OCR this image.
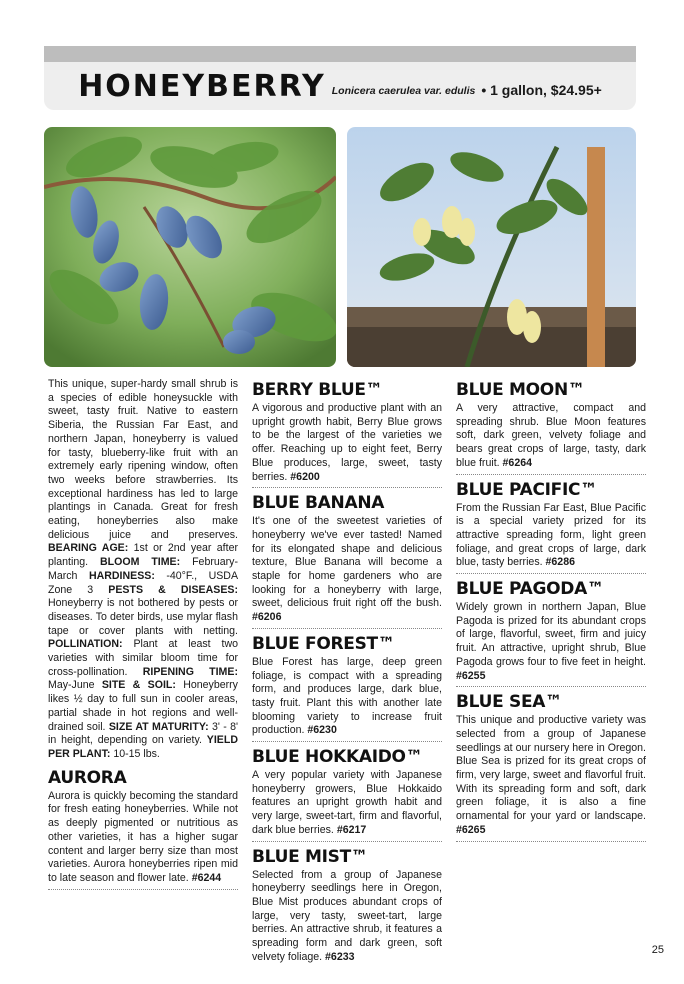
HONEYBERRY Lonicera caerulea var. edulis • 1 gallon, $24.95+

This unique, super-hardy small shrub is a species of edible honeysuckle with sweet, tasty fruit. Native to eastern Siberia, the Russian Far East, and northern Japan, honeyberry is valued for tasty, blueberry-like fruit with an extremely early ripening window, often two weeks before strawberries. Its exceptional hardiness has led to large plantings in Canada. Great for fresh eating, honeyberries also make delicious juice and preserves. BEARING AGE: 1st or 2nd year after planting. BLOOM TIME: February-March HARDINESS: -40°F., USDA Zone 3 PESTS & DISEASES: Honeyberry is not bothered by pests or diseases. To deter birds, use mylar flash tape or cover plants with netting. POLLINATION: Plant at least two varieties with similar bloom time for cross-pollination. RIPENING TIME: May-June SITE & SOIL: Honeyberry likes ½ day to full sun in cooler areas, partial shade in hot regions and well-drained soil. SIZE AT MATURITY: 3' - 8' in height, depending on variety. YIELD PER PLANT: 10-15 lbs.

AURORA

Aurora is quickly becoming the standard for fresh eating honeyberries. While not as deeply pigmented or nutritious as other varieties, it has a higher sugar content and larger berry size than most varieties. Aurora honeyberries ripen mid to late season and flower late. #6244

BERRY BLUE™

A vigorous and productive plant with an upright growth habit, Berry Blue grows to be the largest of the varieties we offer. Reaching up to eight feet, Berry Blue produces, large, sweet, tasty berries. #6200

BLUE BANANA

It's one of the sweetest varieties of honeyberry we've ever tasted! Named for its elongated shape and delicious texture, Blue Banana will become a staple for home gardeners who are looking for a honeyberry with large, sweet, delicious fruit right off the bush. #6206

BLUE FOREST™

Blue Forest has large, deep green foliage, is compact with a spreading form, and produces large, dark blue, tasty fruit. Plant this with another late blooming variety to increase fruit production. #6230

BLUE HOKKAIDO™

A very popular variety with Japanese honeyberry growers, Blue Hokkaido features an upright growth habit and very large, sweet-tart, firm and flavorful, dark blue berries. #6217

BLUE MIST™

Selected from a group of Japanese honeyberry seedlings here in Oregon, Blue Mist produces abundant crops of large, very tasty, sweet-tart, large berries. An attractive shrub, it features a spreading form and dark green, soft velvety foliage. #6233

BLUE MOON™

A very attractive, compact and spreading shrub. Blue Moon features soft, dark green, velvety foliage and bears great crops of large, tasty, dark blue fruit. #6264

BLUE PACIFIC™

From the Russian Far East, Blue Pacific is a special variety prized for its attractive spreading form, light green foliage, and great crops of large, dark blue, tasty berries. #6286

BLUE PAGODA™

Widely grown in northern Japan, Blue Pagoda is prized for its abundant crops of large, flavorful, sweet, firm and juicy fruit. An attractive, upright shrub, Blue Pagoda grows four to five feet in height. #6255

BLUE SEA™

This unique and productive variety was selected from a group of Japanese seedlings at our nursery here in Oregon. Blue Sea is prized for its great crops of firm, very large, sweet and flavorful fruit. With its spreading form and soft, dark green foliage, it is also a fine ornamental for your yard or landscape. #6265

25
